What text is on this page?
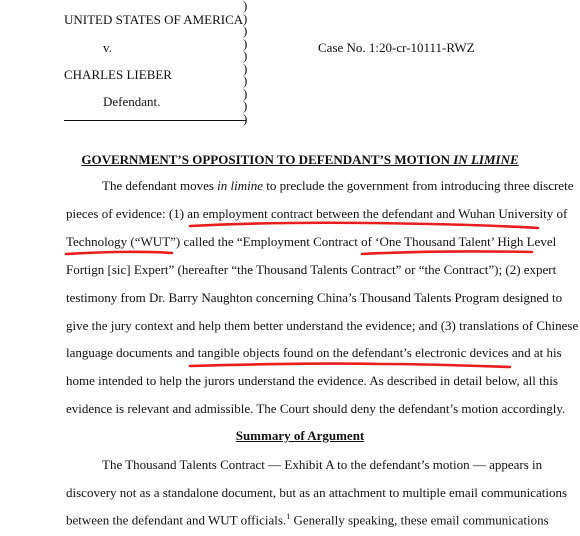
UNITED STATES OF AMERICA
v.
CHARLES LIEBER
Defendant.
Case No. 1:20-cr-10111-RWZ
)
)
)
)
)
)
)
)
)
)
GOVERNMENT’S OPPOSITION TO DEFENDANT’S MOTION IN LIMINE
The defendant moves in limine to preclude the government from introducing three discrete
pieces of evidence: (1) an employment contract between the defendant and Wuhan University of
Technology (“WUT”) called the “Employment Contract of ‘One Thousand Talent’ High Level
Fortign [sic] Expert” (hereafter “the Thousand Talents Contract” or “the Contract”); (2) expert
testimony from Dr. Barry Naughton concerning China’s Thousand Talents Program designed to
give the jury context and help them better understand the evidence; and (3) translations of Chinese
language documents and tangible objects found on the defendant’s electronic devices and at his
home intended to help the jurors understand the evidence. As described in detail below, all this
evidence is relevant and admissible. The Court should deny the defendant’s motion accordingly.
Summary of Argument
The Thousand Talents Contract — Exhibit A to the defendant’s motion — appears in
discovery not as a standalone document, but as an attachment to multiple email communications
between the defendant and WUT officials.$^1$ Generally speaking, these email communications
